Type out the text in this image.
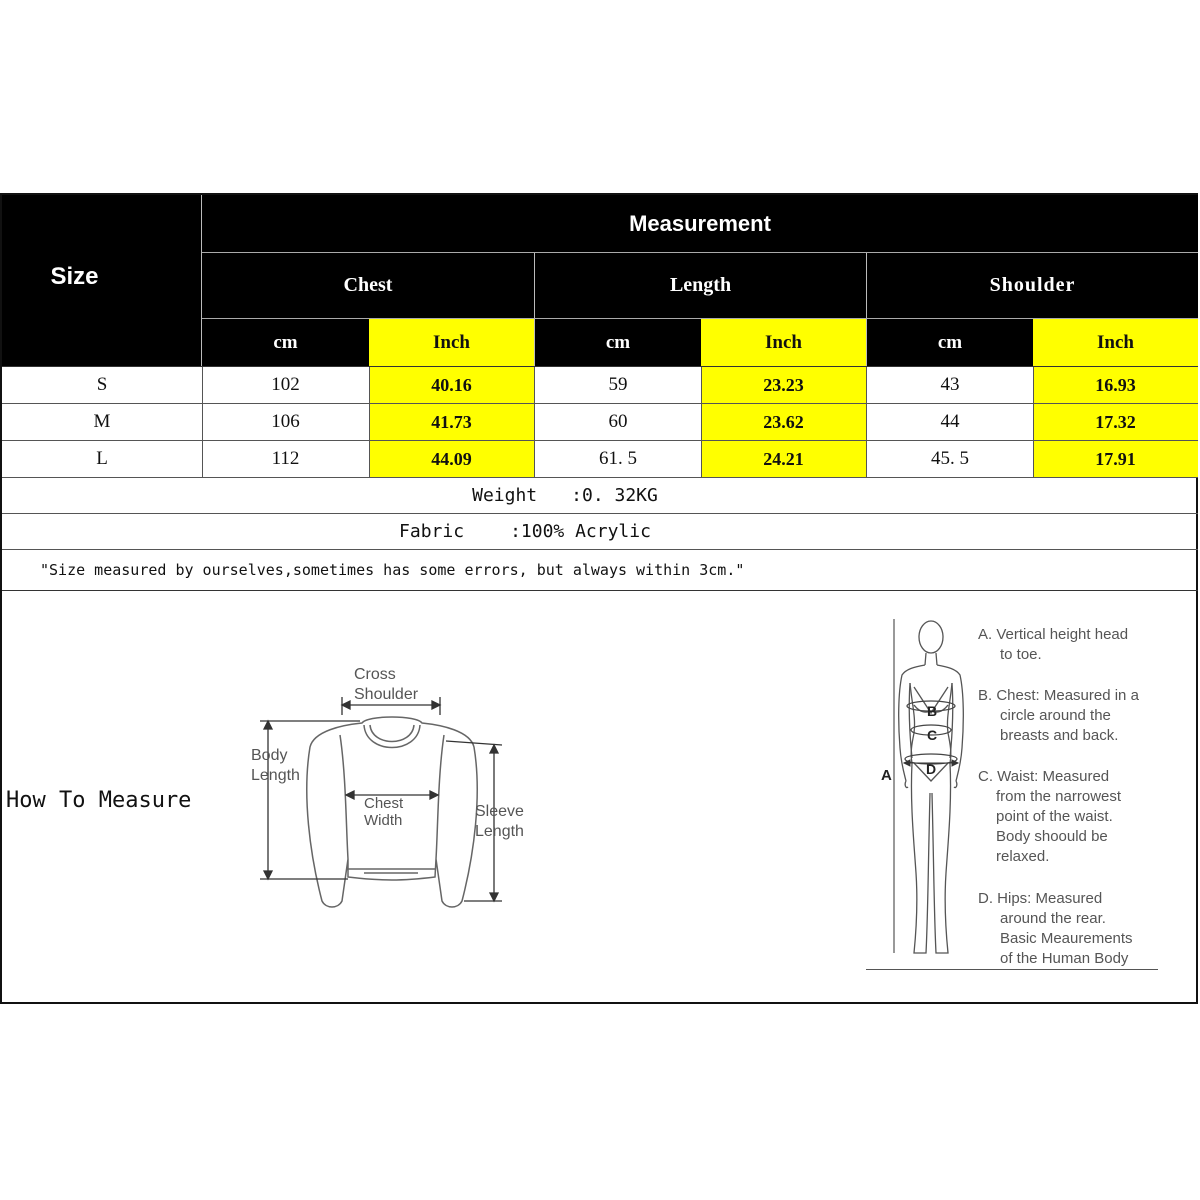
Size
Measurement
Chest	Length	Shoulder
cm	Inch	cm	Inch	cm	Inch
S	102	40.16	59	23.23	43	16.93
M	106	41.73	60	23.62	44	17.32
L	112	44.09	61. 5	24.21	45. 5	17.91
Weight :0. 32KG
Fabric	:100% Acrylic
"Size measured by ourselves,sometimes has some errors, but always within 3cm."
How To Measure
Cross
Shoulder
Body
Length
Chest
Width
Sleeve
Length
A
B
C
D
A. Vertical height head
to toe.
B. Chest: Measured in a
circle around the
breasts and back.
C. Waist: Measured
from the narrowest
point of the waist.
Body shoould be
relaxed.
D. Hips: Measured
around the rear.
Basic Meaurements
of the Human Body
